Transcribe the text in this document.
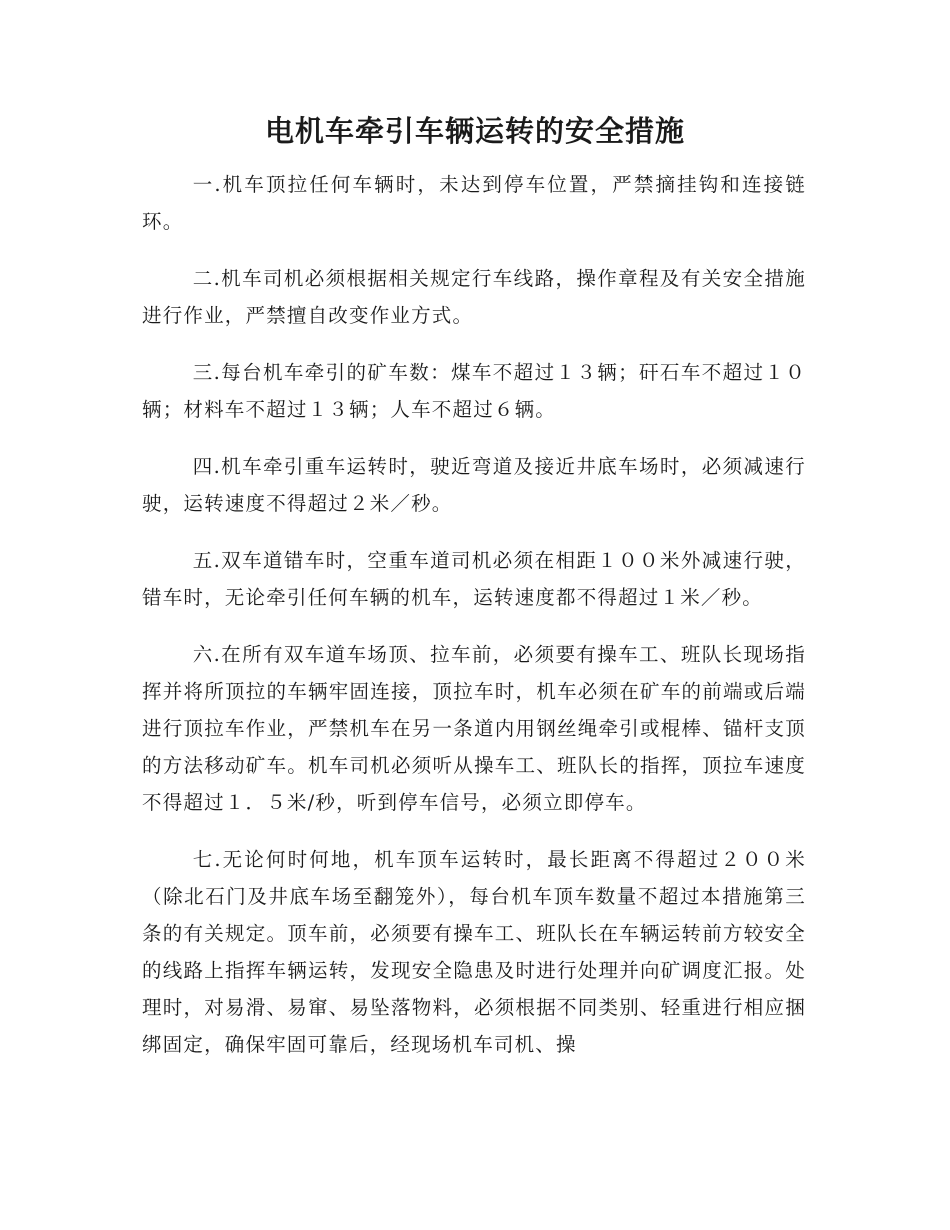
电机车牵引车辆运转的安全措施

一.机车顶拉任何车辆时，未达到停车位置，严禁摘挂钩和连接链环。

二.机车司机必须根据相关规定行车线路，操作章程及有关安全措施进行作业，严禁擅自改变作业方式。

三.每台机车牵引的矿车数：煤车不超过１３辆；矸石车不超过１０辆；材料车不超过１３辆；人车不超过６辆。

四.机车牵引重车运转时，驶近弯道及接近井底车场时，必须减速行驶，运转速度不得超过２米／秒。

五.双车道错车时，空重车道司机必须在相距１００米外减速行驶，错车时，无论牵引任何车辆的机车，运转速度都不得超过１米／秒。

六.在所有双车道车场顶、拉车前，必须要有操车工、班队长现场指挥并将所顶拉的车辆牢固连接，顶拉车时，机车必须在矿车的前端或后端进行顶拉车作业，严禁机车在另一条道内用钢丝绳牵引或棍棒、锚杆支顶的方法移动矿车。机车司机必须听从操车工、班队长的指挥，顶拉车速度不得超过１．５米/秒，听到停车信号，必须立即停车。

七.无论何时何地，机车顶车运转时，最长距离不得超过２００米（除北石门及井底车场至翻笼外），每台机车顶车数量不超过本措施第三条的有关规定。顶车前，必须要有操车工、班队长在车辆运转前方较安全的线路上指挥车辆运转，发现安全隐患及时进行处理并向矿调度汇报。处理时，对易滑、易窜、易坠落物料，必须根据不同类别、轻重进行相应捆绑固定，确保牢固可靠后，经现场机车司机、操
